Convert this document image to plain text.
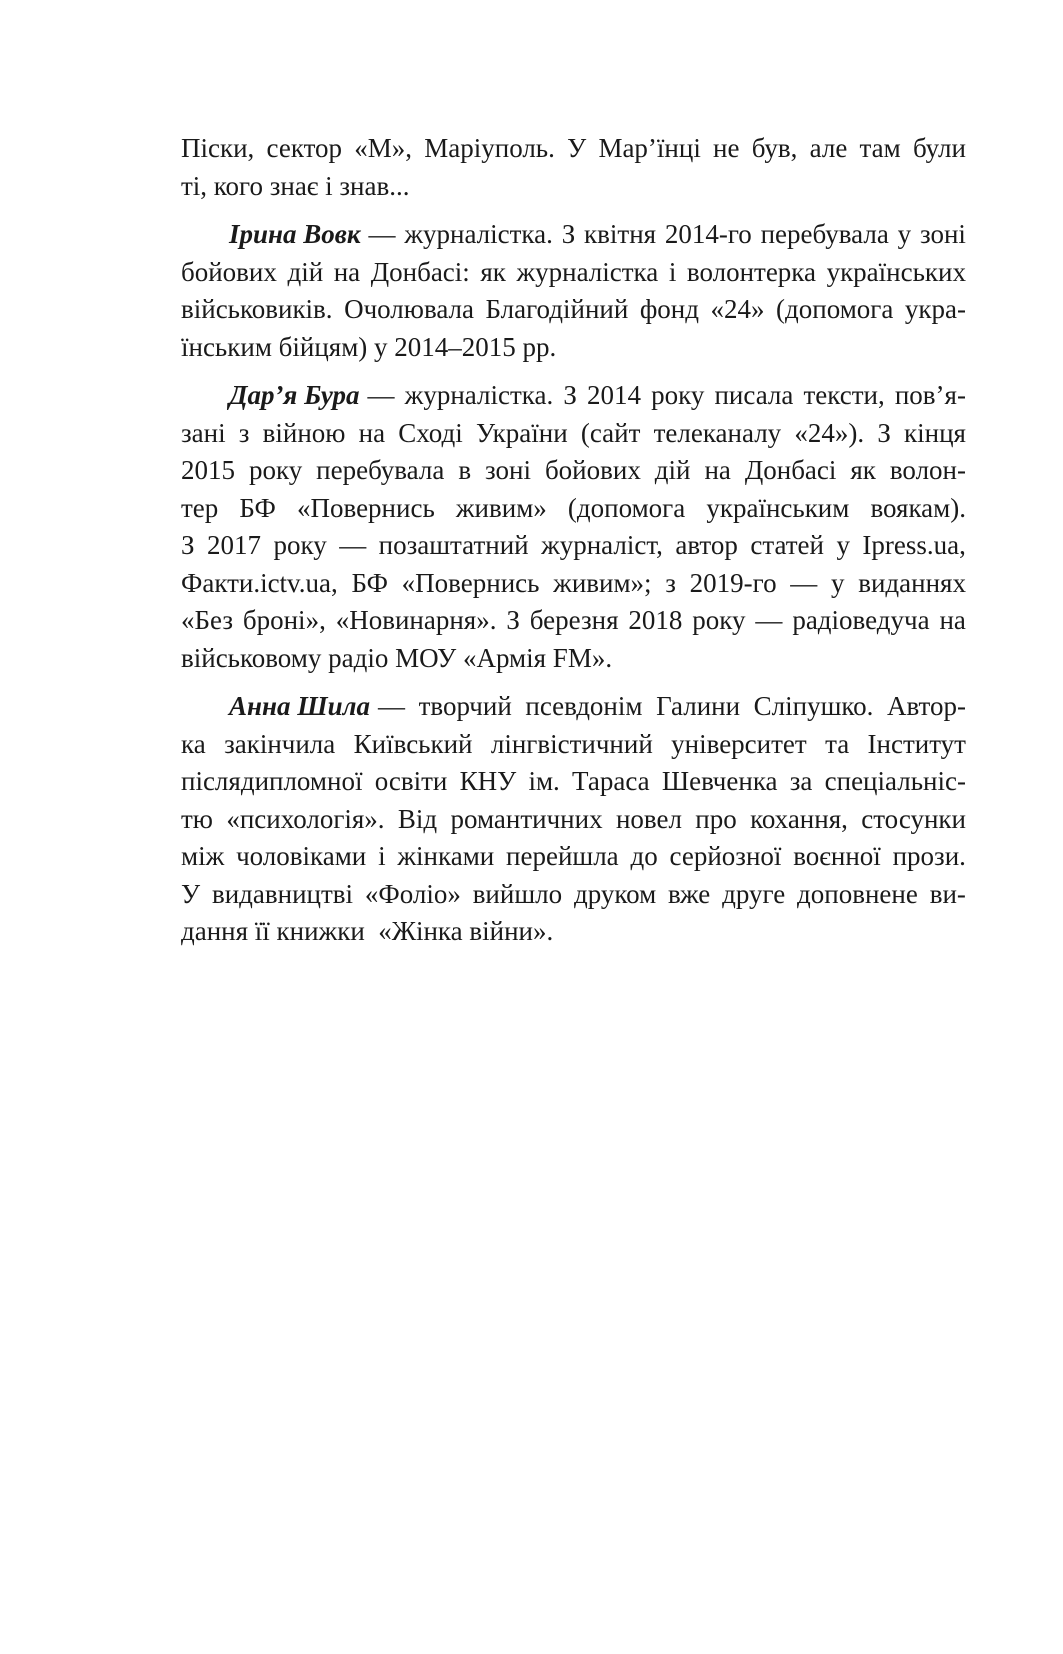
Піски, сектор «М», Маріуполь. У Мар’їнці не був, але там були
ті, кого знає і знав...
Ірина Вовк — журналістка. З квітня 2014-го перебувала у зоні
бойових дій на Донбасі: як журналістка і волонтерка українських
військовиків. Очолювала Благодійний фонд «24» (допомога укра-
їнським бійцям) у 2014–2015 рр.
Дар’я Бура — журналістка. З 2014 року писала тексти, пов’я-
зані з війною на Сході України (сайт телеканалу «24»). З кінця
2015 року перебувала в зоні бойових дій на Донбасі як волон-
тер БФ «Повернись живим» (допомога українським воякам).
З 2017 року — позаштатний журналіст, автор статей у Ipress.ua,
Факти.ictv.ua, БФ «Повернись живим»; з 2019-го — у виданнях
«Без броні», «Новинарня». З березня 2018 року — радіоведуча на
військовому радіо МОУ «Армія FM».
Анна Шила — творчий псевдонім Галини Сліпушко. Автор-
ка закінчила Київський лінгвістичний університет та Інститут
післядипломної освіти КНУ ім. Тараса Шевченка за спеціальніс-
тю «психологія». Від романтичних новел про кохання, стосунки
між чоловіками і жінками перейшла до серйозної воєнної прози.
У видавництві «Фоліо» вийшло друком вже друге доповнене ви-
дання її книжки  «Жінка війни».
